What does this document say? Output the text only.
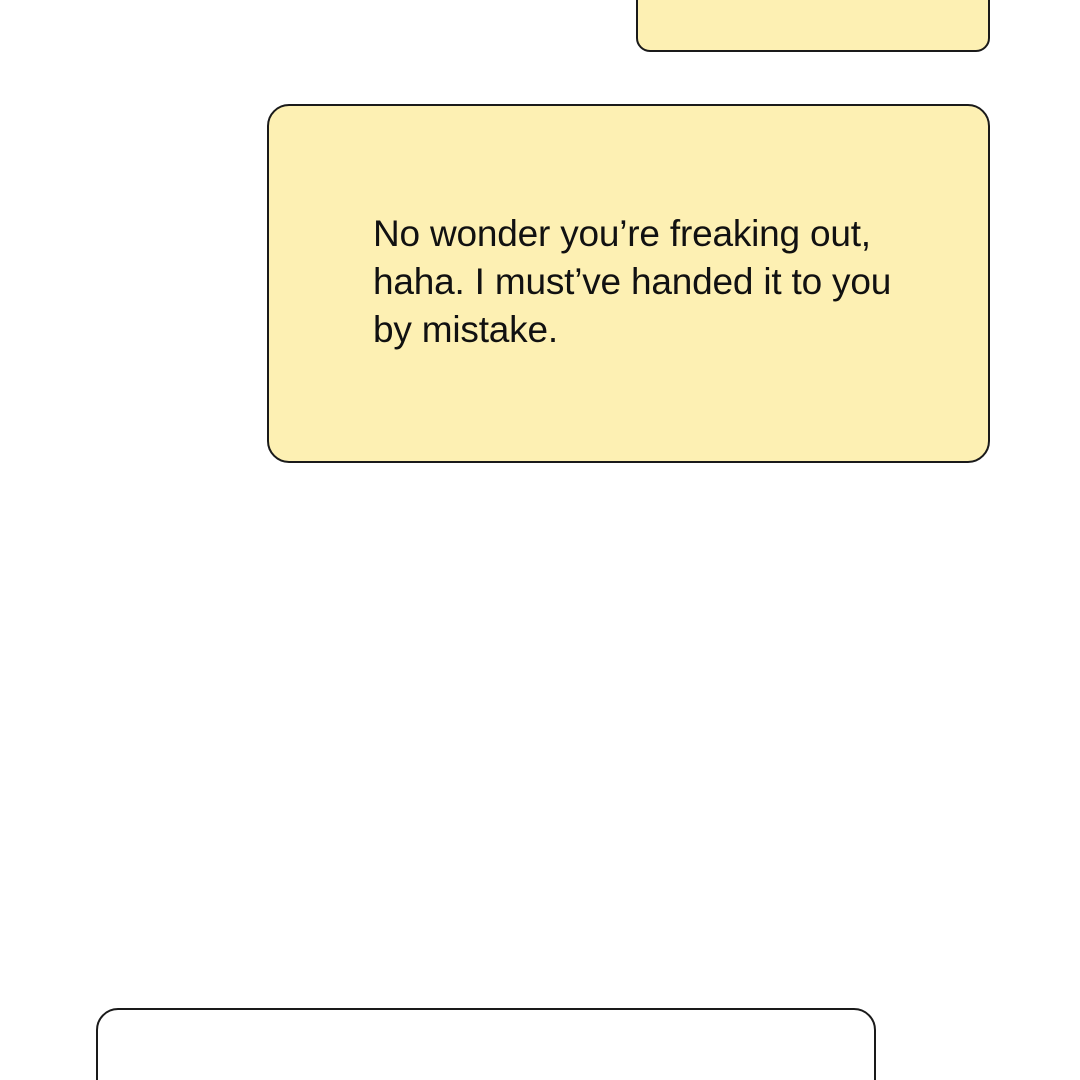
No wonder you’re freaking out, haha. I must’ve handed it to you by mistake.
